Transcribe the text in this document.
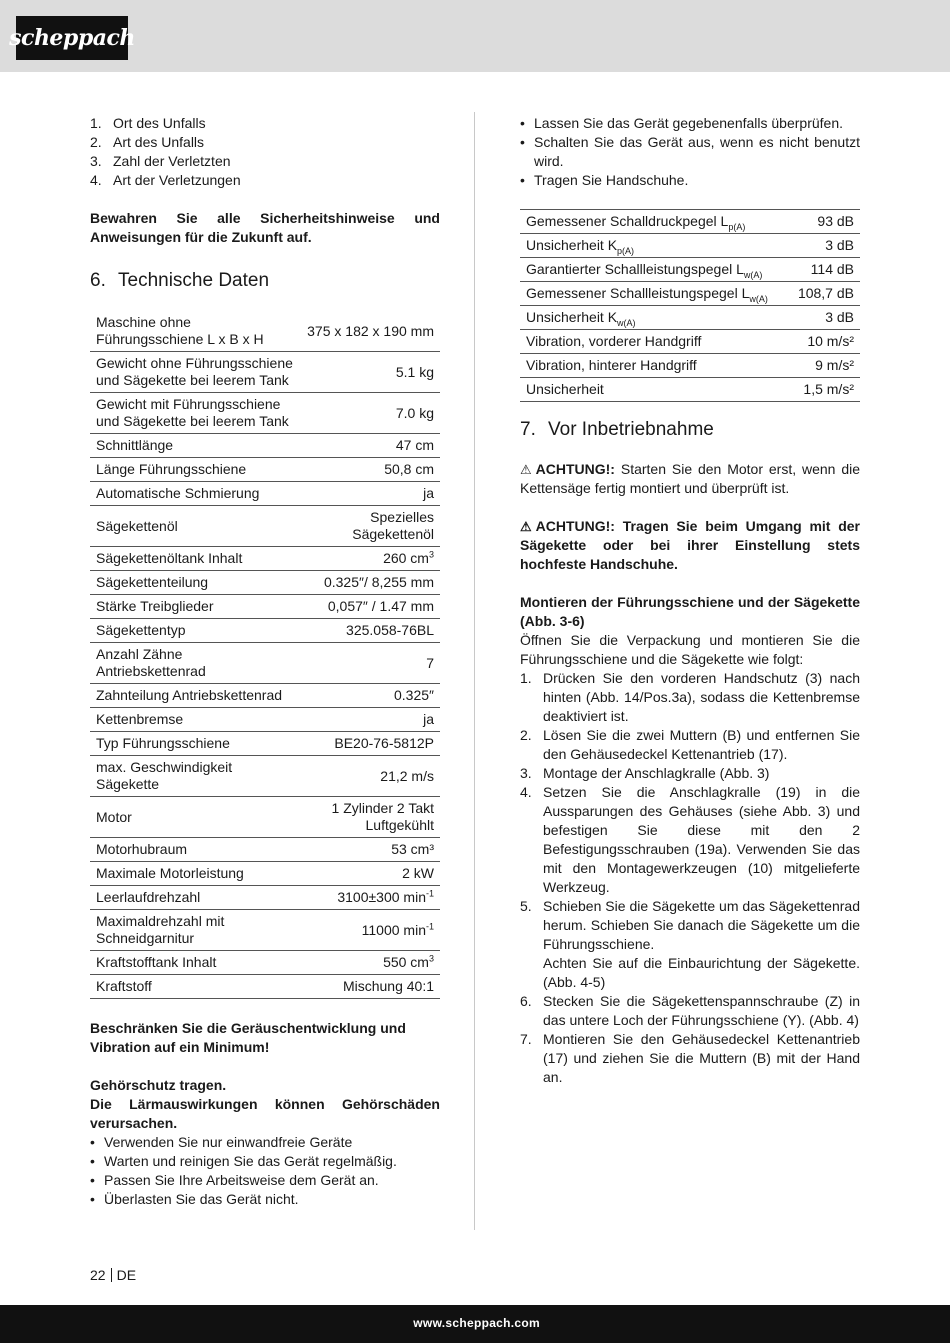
scheppach
1. Ort des Unfalls
2. Art des Unfalls
3. Zahl der Verletzten
4. Art der Verletzungen

Bewahren Sie alle Sicherheitshinweise und Anweisungen für die Zukunft auf.

6. Technische Daten
Maschine ohne Führungsschiene L x B x H	375 x 182 x 190 mm
Gewicht ohne Führungsschiene und Sägekette bei leerem Tank	5.1 kg
Gewicht mit Führungsschiene und Sägekette bei leerem Tank	7.0 kg
Schnittlänge	47 cm
Länge Führungsschiene	50,8 cm
Automatische Schmierung	ja
Sägekettenöl	Spezielles Sägekettenöl
Sägekettenöltank Inhalt	260 $cm^3$
Sägekettenteilung	0.325″/ 8,255 mm
Stärke Treibglieder	0,057″ / 1.47 mm
Sägekettentyp	325.058-76BL
Anzahl Zähne Antriebskettenrad	7
Zahnteilung Antriebskettenrad	0.325″
Kettenbremse	ja
Typ Führungsschiene	BE20-76-5812P
max. Geschwindigkeit Sägekette	21,2 m/s
Motor	1 Zylinder 2 Takt Luftgekühlt
Motorhubraum	53 cm³
Maximale Motorleistung	2 kW
Leerlaufdrehzahl	3100±300 $\min^{-1}$
Maximaldrehzahl mit Schneidgarnitur	11000 $\min^{-1}$
Kraftstofftank Inhalt	550 $cm^3$
Kraftstoff	Mischung 40:1

Beschränken Sie die Geräuschentwicklung und Vibration auf ein Minimum!

Gehörschutz tragen.

Die Lärmauswirkungen können Gehörschäden verursachen.

• Verwenden Sie nur einwandfreie Geräte
• Warten und reinigen Sie das Gerät regelmäßig.
• Passen Sie Ihre Arbeitsweise dem Gerät an.
• Überlasten Sie das Gerät nicht.
• Lassen Sie das Gerät gegebenenfalls überprüfen.
• Schalten Sie das Gerät aus, wenn es nicht benutzt wird.
• Tragen Sie Handschuhe.
Gemessener Schalldruckpegel $L_{p(A)}$	93 dB
Unsicherheit $K_{p(A)}$	3 dB
Garantierter Schallleistungspegel $L_{w(A)}$	114 dB
Gemessener Schallleistungspegel $L_{w(A)}$	108,7 dB
Unsicherheit $K_{w(A)}$	3 dB
Vibration, vorderer Handgriff	10 m/s²
Vibration, hinterer Handgriff	9 m/s²
Unsicherheit	1,5 m/s²
7. Vor Inbetriebnahme

⚠ ACHTUNG!: Starten Sie den Motor erst, wenn die Kettensäge fertig montiert und überprüft ist.

⚠ ACHTUNG!: Tragen Sie beim Umgang mit der Sägekette oder bei ihrer Einstellung stets hochfeste Handschuhe.

Montieren der Führungsschiene und der Sägekette (Abb. 3-6)

Öffnen Sie die Verpackung und montieren Sie die Führungsschiene und die Sägekette wie folgt:

1. Drücken Sie den vorderen Handschutz (3) nach hinten (Abb. 14/Pos.3a), sodass die Kettenbremse deaktiviert ist.
2. Lösen Sie die zwei Muttern (B) und entfernen Sie den Gehäusedeckel Kettenantrieb (17).
3. Montage der Anschlagkralle (Abb. 3)
4. Setzen Sie die Anschlagkralle (19) in die Aussparungen des Gehäuses (siehe Abb. 3) und befestigen Sie diese mit den 2 Befestigungsschrauben (19a). Verwenden Sie das mit den Montagewerkzeugen (10) mitgelieferte Werkzeug.
5. Schieben Sie die Sägekette um das Sägekettenrad herum. Schieben Sie danach die Sägekette um die Führungsschiene.
Achten Sie auf die Einbaurichtung der Sägekette. (Abb. 4-5)
6. Stecken Sie die Sägekettenspannschraube (Z) in das untere Loch der Führungsschiene (Y). (Abb. 4)
7. Montieren Sie den Gehäusedeckel Kettenantrieb (17) und ziehen Sie die Muttern (B) mit der Hand an.
22 DE
www.scheppach.com
